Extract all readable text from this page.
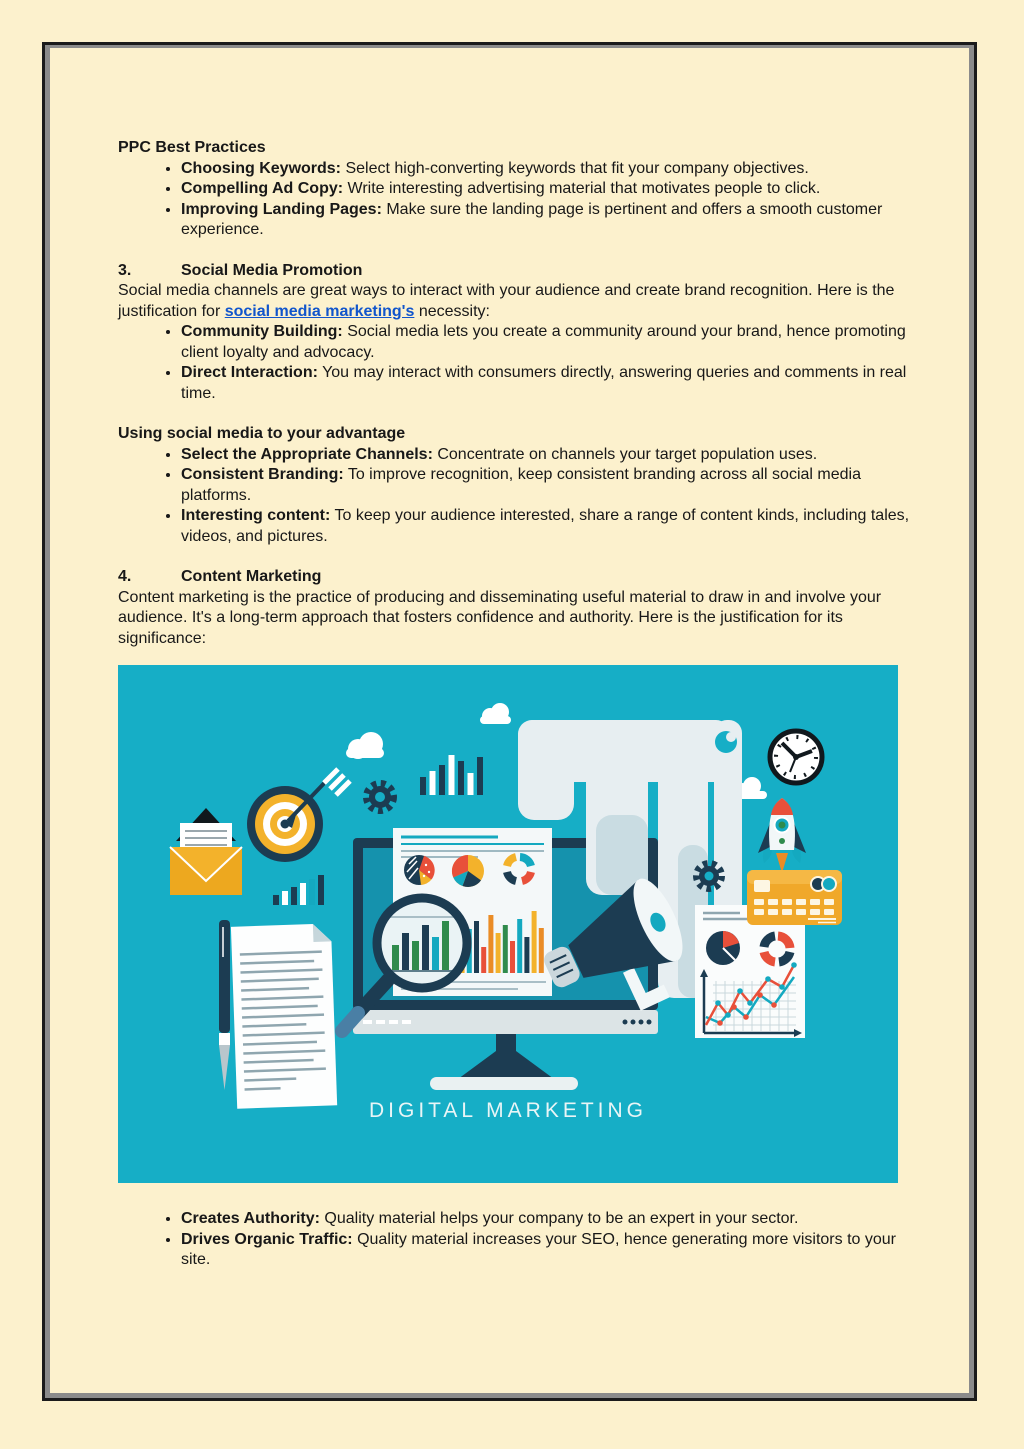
PPC Best Practices
• Choosing Keywords: Select high-converting keywords that fit your company objectives.
• Compelling Ad Copy: Write interesting advertising material that motivates people to click.
• Improving Landing Pages: Make sure the landing page is pertinent and offers a smooth customer experience.
3.	Social Media Promotion

Social media channels are great ways to interact with your audience and create brand recognition. Here is the justification for social media marketing's necessity:

• Community Building: Social media lets you create a community around your brand, hence promoting client loyalty and advocacy.
• Direct Interaction: You may interact with consumers directly, answering queries and comments in real time.
Using social media to your advantage
• Select the Appropriate Channels: Concentrate on channels your target population uses.
• Consistent Branding: To improve recognition, keep consistent branding across all social media platforms.
• Interesting content: To keep your audience interested, share a range of content kinds, including tales, videos, and pictures.
4.	Content Marketing

Content marketing is the practice of producing and disseminating useful material to draw in and involve your audience. It's a long-term approach that fosters confidence and authority. Here is the justification for its significance:

DIGITAL MARKETING
• Creates Authority: Quality material helps your company to be an expert in your sector.
• Drives Organic Traffic: Quality material increases your SEO, hence generating more visitors to your site.
